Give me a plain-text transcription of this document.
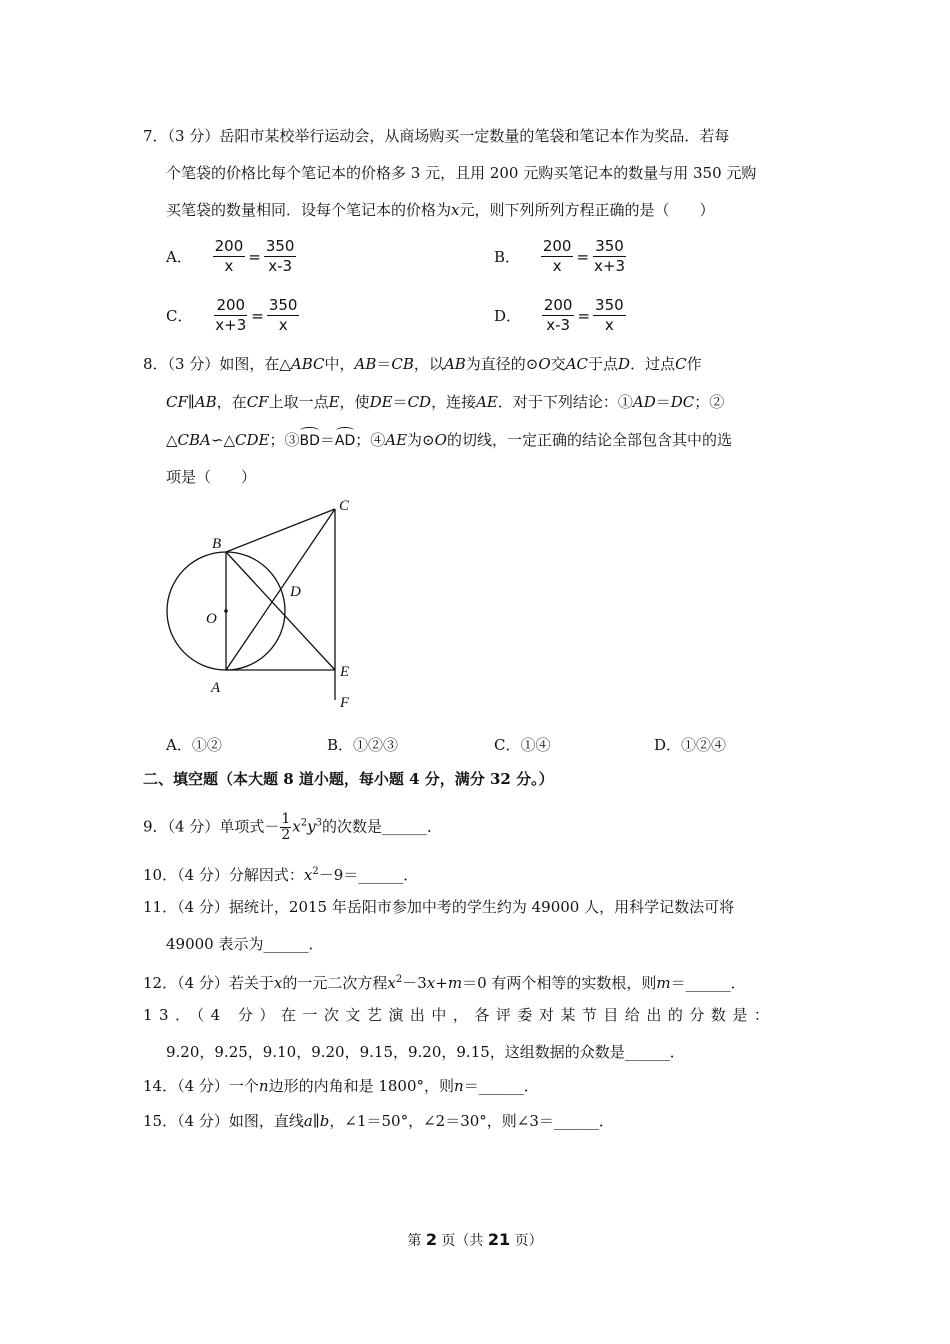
7．（3 分）岳阳市某校举行运动会，从商场购买一定数量的笔袋和笔记本作为奖品．若每
个笔袋的价格比每个笔记本的价格多 3 元，且用 200 元购买笔记本的数量与用 350 元购
买笔袋的数量相同．设每个笔记本的价格为x元，则下列所列方程正确的是（　　）
A． $\frac{200}{x} = \frac{350}{x-3}$	B． $\frac{200}{x} = \frac{350}{x+3}$
C． $\frac{200}{x+3} = \frac{350}{x}$	D． $\frac{200}{x-3} = \frac{350}{x}$
8．（3 分）如图，在△ABC中，AB＝CB，以AB为直径的⊙O交AC于点D．过点C作
CF∥AB，在CF上取一点E，使DE＝CD，连接AE．对于下列结论：①AD＝DC；②
△CBA∽△CDE；③BD＝AD；④AE为⊙O的切线，一定正确的结论全部包含其中的选
项是（　　）
B
C
D
O
A
E
F
A．①②	B．①②③	C．①④	D．①②④
二、填空题（本大题 8 道小题，每小题 4 分，满分 32 分。）
9．（4 分）单项式－ $\frac{1}{2} x^2y^3$的次数是______．
10．（4 分）分解因式：$x^2-9=\_\_\_\_\_\_$．
11．（4 分）据统计，2015 年岳阳市参加中考的学生约为 49000 人，用科学记数法可将
49000 表示为______．
12．（4 分）若关于x的一元二次方程$x^2-3x+m=0$ 有两个相等的实数根，则m＝______．
13．（4 分）在一次文艺演出中，各评委对某节目给出的分数是：
9.20，9.25，9.10，9.20，9.15，9.20，9.15，这组数据的众数是______．
14．（4 分）一个n边形的内角和是 1800°，则n＝______．
15．（4 分）如图，直线a∥b，∠1＝50°，∠2＝30°，则∠3＝______．
第 2 页（共 21 页）
